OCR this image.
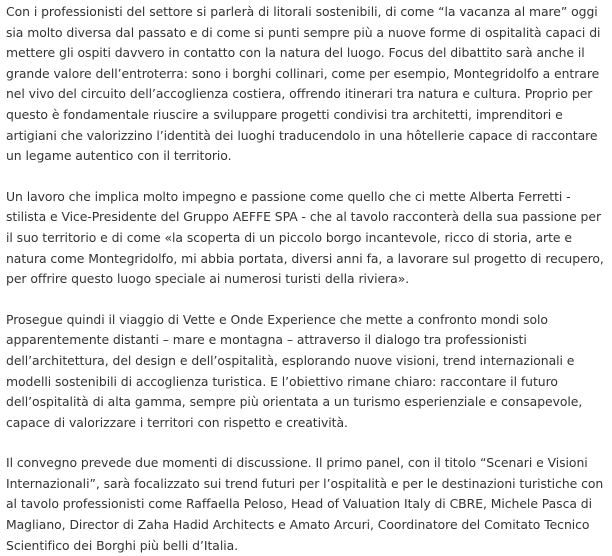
Con i professionisti del settore si parlerà di litorali sostenibili, di come “la vacanza al mare” oggi sia molto diversa dal passato e di come si punti sempre più a nuove forme di ospitalità capaci di mettere gli ospiti davvero in contatto con la natura del luogo. Focus del dibattito sarà anche il grande valore dell’entroterra: sono i borghi collinari, come per esempio, Montegridolfo a entrare nel vivo del circuito dell’accoglienza costiera, offrendo itinerari tra natura e cultura. Proprio per questo è fondamentale riuscire a sviluppare progetti condivisi tra architetti, imprenditori e artigiani che valorizzino l’identità dei luoghi traducendolo in una hôtellerie capace di raccontare un legame autentico con il territorio.

Un lavoro che implica molto impegno e passione come quello che ci mette Alberta Ferretti - stilista e Vice-Presidente del Gruppo AEFFE SPA - che al tavolo racconterà della sua passione per il suo territorio e di come «la scoperta di un piccolo borgo incantevole, ricco di storia, arte e natura come Montegridolfo, mi abbia portata, diversi anni fa, a lavorare sul progetto di recupero, per offrire questo luogo speciale ai numerosi turisti della riviera».

Prosegue quindi il viaggio di Vette e Onde Experience che mette a confronto mondi solo apparentemente distanti – mare e montagna – attraverso il dialogo tra professionisti dell’architettura, del design e dell’ospitalità, esplorando nuove visioni, trend internazionali e modelli sostenibili di accoglienza turistica. E l’obiettivo rimane chiaro: raccontare il futuro dell’ospitalità di alta gamma, sempre più orientata a un turismo esperienziale e consapevole, capace di valorizzare i territori con rispetto e creatività.

Il convegno prevede due momenti di discussione. Il primo panel, con il titolo “Scenari e Visioni Internazionali”, sarà focalizzato sui trend futuri per l’ospitalità e per le destinazioni turistiche con al tavolo professionisti come Raffaella Peloso, Head of Valuation Italy di CBRE, Michele Pasca di Magliano, Director di Zaha Hadid Architects e Amato Arcuri, Coordinatore del Comitato Tecnico Scientifico dei Borghi più belli d’Italia.
